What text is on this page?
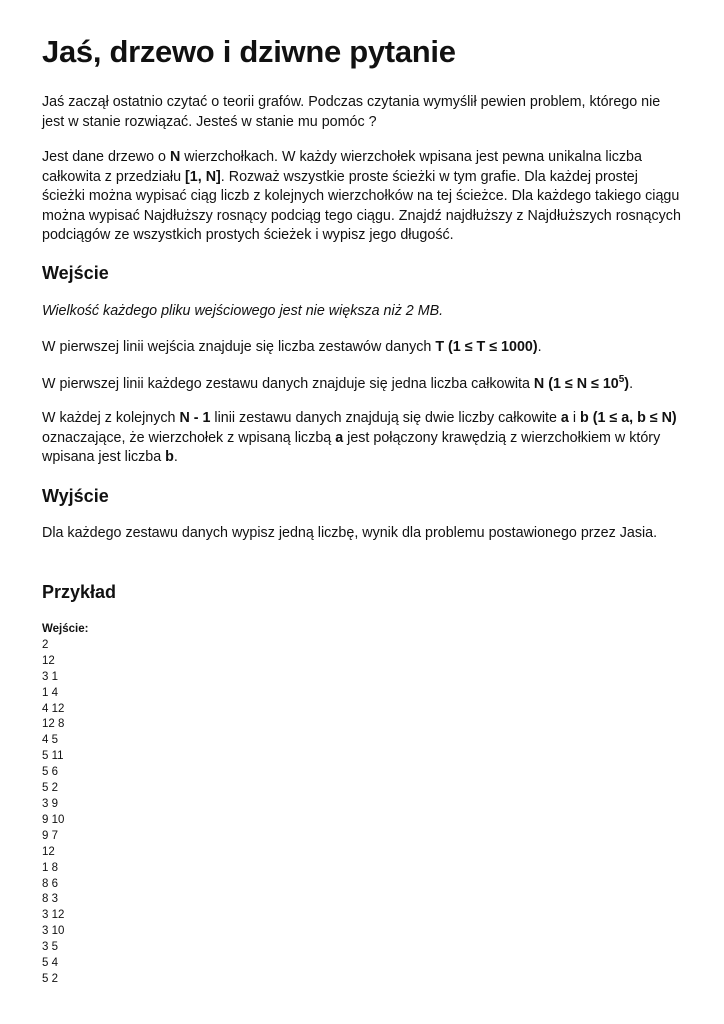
Jaś, drzewo i dziwne pytanie

Jaś zaczął ostatnio czytać o teorii grafów. Podczas czytania wymyślił pewien problem, którego nie jest w stanie rozwiązać. Jesteś w stanie mu pomóc ?

Jest dane drzewo o N wierzchołkach. W każdy wierzchołek wpisana jest pewna unikalna liczba całkowita z przedziału [1, N]. Rozważ wszystkie proste ścieżki w tym grafie. Dla każdej prostej ścieżki można wypisać ciąg liczb z kolejnych wierzchołków na tej ścieżce. Dla każdego takiego ciągu można wypisać Najdłuższy rosnący podciąg tego ciągu. Znajdź najdłuższy z Najdłuższych rosnących podciągów ze wszystkich prostych ścieżek i wypisz jego długość.

Wejście

Wielkość każdego pliku wejściowego jest nie większa niż 2 MB.

W pierwszej linii wejścia znajduje się liczba zestawów danych T (1 ≤ T ≤ 1000).

W pierwszej linii każdego zestawu danych znajduje się jedna liczba całkowita N $(1 \le N \le 10^5)$.

W każdej z kolejnych N - 1 linii zestawu danych znajdują się dwie liczby całkowite a i b (1 ≤ a, b ≤ N) oznaczające, że wierzchołek z wpisaną liczbą a jest połączony krawędzią z wierzchołkiem w który wpisana jest liczba b.

Wyjście

Dla każdego zestawu danych wypisz jedną liczbę, wynik dla problemu postawionego przez Jasia.

Przykład
Wejście:
2
12
3 1
1 4
4 12
12 8
4 5
5 11
5 6
5 2
3 9
9 10
9 7
12
1 8
8 6
8 3
3 12
3 10
3 5
5 4
5 2
